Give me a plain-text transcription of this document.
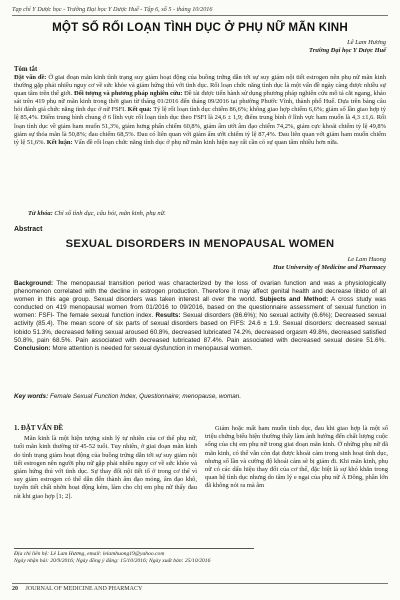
Tạp chí Y Dược học - Trường Đại học Y Dược Huế - Tập 6, số 5 - tháng 10/2016
MỘT SỐ RỐI LOẠN TÌNH DỤC Ở PHỤ NỮ MÃN KINH
Lê Lam Hương
Trường Đại học Y Dược Huế
Tóm tắt
Đặt vấn đề: Ở giai đoạn mãn kinh tình trạng suy giảm hoạt động của buồng trứng dẫn tới sự suy giảm nội tiết estrogen nên phụ nữ mãn kinh thường gặp phải nhiều nguy cơ về sức khỏe và giảm hứng thú với tình dục. Rối loạn chức năng tình dục là một vấn đề ngày càng được nhiều sự quan tâm trên thế giới. Đối tượng và phương pháp nghiên cứu: Đề tài được tiến hành sử dụng phương pháp nghiên cứu mô tả cắt ngang, khảo sát trên 419 phụ nữ mãn kinh trong thời gian từ tháng 01/2016 đến tháng 09/2016 tại phường Phước Vĩnh, thành phố Huế. Dựa trên bảng câu hỏi đánh giá chức năng tình dục ở nữ FSFI. Kết quả: Tỷ lệ rối loạn tình dục chiếm 86,6%; không giao hợp chiếm 6,6%; giảm số lần giao hợp tỷ lệ 85,4%. Điểm trung bình chung ở 6 lĩnh vực rối loạn tình dục theo FSFI là 24,6 ± 1,9; điểm trung bình ở lĩnh vực ham muốn là 4,3 ±1,6. Rối loạn tình dục về giảm ham muốn 51,3%, giảm hưng phấn chiếm 60,8%, giảm ẩm ướt âm đạo chiếm 74,2%, giảm cực khoái chiếm tỷ lệ 49,8% giảm sự thỏa mãn là 50,8%; đau chiếm 68,5%. Đau có liên quan với giảm ẩm ướt chiếm tỷ lệ 87,4%. Đau liên quan với giảm ham muốn chiếm tỷ lệ 51,6%. Kết luận: Vấn đề rối loạn chức năng tình dục ở phụ nữ mãn kinh hiện nay rất cần có sự quan tâm nhiều hơn nữa.
Từ khóa: Chỉ số tình dục, câu hỏi, mãn kinh, phụ nữ.
Abstract
SEXUAL DISORDERS IN MENOPAUSAL WOMEN
Le Lam Huong
Hue University of Medicine and Pharmacy
Background: The menopausal transition period was characterized by the loss of ovarian function and was a physiologically phenomenon correlated with the decline in estrogen production. Therefore it may affect genital health and decrease libido of all women in this age group. Sexual disorders was taken interest all over the world. Subjects and Method: A cross study was conducted on 419 menopausal women from 01/2016 to 09/2016, based on the questionnaire assessment of sexual function in women: FSFI- The female sexual function index. Results: Sexual disorders (86.6%); No sexual activity (6.6%); Decreased sexual activity (85.4). The mean score of six parts of sexual disorders based on FIFS: 24.6 ± 1.9. Sexual disorders: decreased sexual lobido 51.3%, decreased felling sexual aroused 60.8%, decreased lubricated 74.2%, decreased orgasm 49.8%, decreased satisfied 50.8%, pain 68.5%. Pain associated with decreased lubricated 87.4%. Pain associated with decreased sexual desire 51.6%. Conclusion: More attention is needed for sexual dysfunction in menopausal women.
Key words: Female Sexual Function Index, Questionnaire; menopause, woman.
1. ĐẶT VẤN ĐỀ

Mãn kinh là một hiện tượng sinh lý tự nhiên của cơ thể phụ nữ, tuổi mãn kinh thường từ 45-52 tuổi. Tuy nhiên, ở giai đoạn mãn kinh do tình trạng giảm hoạt động của buồng trứng dẫn tới sự suy giảm nội tiết estrogen nên người phụ nữ gặp phải nhiều nguy cơ về sức khỏe và giảm hứng thú với tình dục. Sự thay đổi nội tiết tố ở trong cơ thể vì suy giảm estrogen có thể dẫn đến thành âm đạo mỏng, âm đạo khô, tuyến tiết chất nhờn hoạt động kém, làm cho chị em phụ nữ thấy đau rát khi giao hợp [1; 2].

Giảm hoặc mất ham muốn tình dục, đau khi giao hợp là một số triệu chứng biểu hiện thường thấy làm ảnh hưởng đến chất lượng cuộc sống của chị em phụ nữ trong giai đoạn mãn kinh. Ở những phụ nữ đã mãn kinh, có thể vẫn còn đạt được khoái cảm trong sinh hoạt tình dục, nhưng số lần và cường độ khoái cảm sẽ bị giảm đi. Khi mãn kinh, phụ nữ có các dấu hiệu thay đổi của cơ thể, đặc biệt là sự khó khăn trong quan hệ tình dục nhưng do tâm lý e ngại của phụ nữ Á Đông, phần lớn đã không nói ra mà âm

Địa chỉ liên hệ: Lê Lam Hương, email: lelamhuong19@yahoo.com
Ngày nhận bài: 20/9/2016; Ngày đồng ý đăng: 15/10/2016; Ngày xuất bản: 25/10/2016
20 JOURNAL OF MEDICINE AND PHARMACY
